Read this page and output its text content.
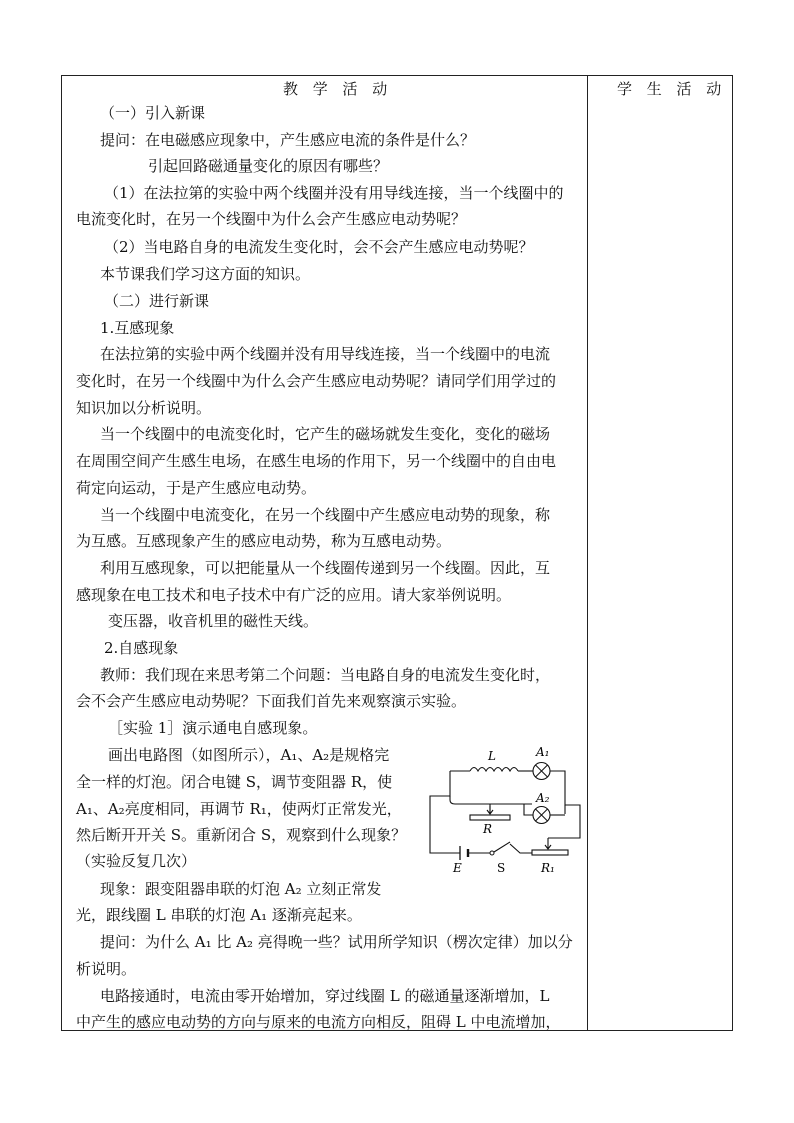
教 学 活 动	学 生 活 动
（一）引入新课
提问：在电磁感应现象中，产生感应电流的条件是什么？
引起回路磁通量变化的原因有哪些？
（1）在法拉第的实验中两个线圈并没有用导线连接，当一个线圈中的
电流变化时，在另一个线圈中为什么会产生感应电动势呢？
（2）当电路自身的电流发生变化时，会不会产生感应电动势呢？
本节课我们学习这方面的知识。
（二）进行新课
1.互感现象
在法拉第的实验中两个线圈并没有用导线连接，当一个线圈中的电流
变化时，在另一个线圈中为什么会产生感应电动势呢？请同学们用学过的
知识加以分析说明。
当一个线圈中的电流变化时，它产生的磁场就发生变化，变化的磁场
在周围空间产生感生电场，在感生电场的作用下，另一个线圈中的自由电
荷定向运动，于是产生感应电动势。
当一个线圈中电流变化，在另一个线圈中产生感应电动势的现象，称
为互感。互感现象产生的感应电动势，称为互感电动势。
利用互感现象，可以把能量从一个线圈传递到另一个线圈。因此，互
感现象在电工技术和电子技术中有广泛的应用。请大家举例说明。
变压器，收音机里的磁性天线。
2.自感现象
教师：我们现在来思考第二个问题：当电路自身的电流发生变化时，
会不会产生感应电动势呢？下面我们首先来观察演示实验。
［实验 1］演示通电自感现象。
画出电路图（如图所示），A₁、A₂是规格完
全一样的灯泡。闭合电键 S，调节变阻器 R，使
A₁、A₂亮度相同，再调节 R₁，使两灯正常发光，
然后断开开关 S。重新闭合 S，观察到什么现象？
（实验反复几次）
现象：跟变阻器串联的灯泡 A₂ 立刻正常发
光，跟线圈 L 串联的灯泡 A₁ 逐渐亮起来。
提问：为什么 A₁ 比 A₂ 亮得晚一些？试用所学知识（楞次定律）加以分
析说明。
电路接通时，电流由零开始增加，穿过线圈 L 的磁通量逐渐增加，L
中产生的感应电动势的方向与原来的电流方向相反，阻碍 L 中电流增加，
L	A₁
A₂
R
E	S	R₁
